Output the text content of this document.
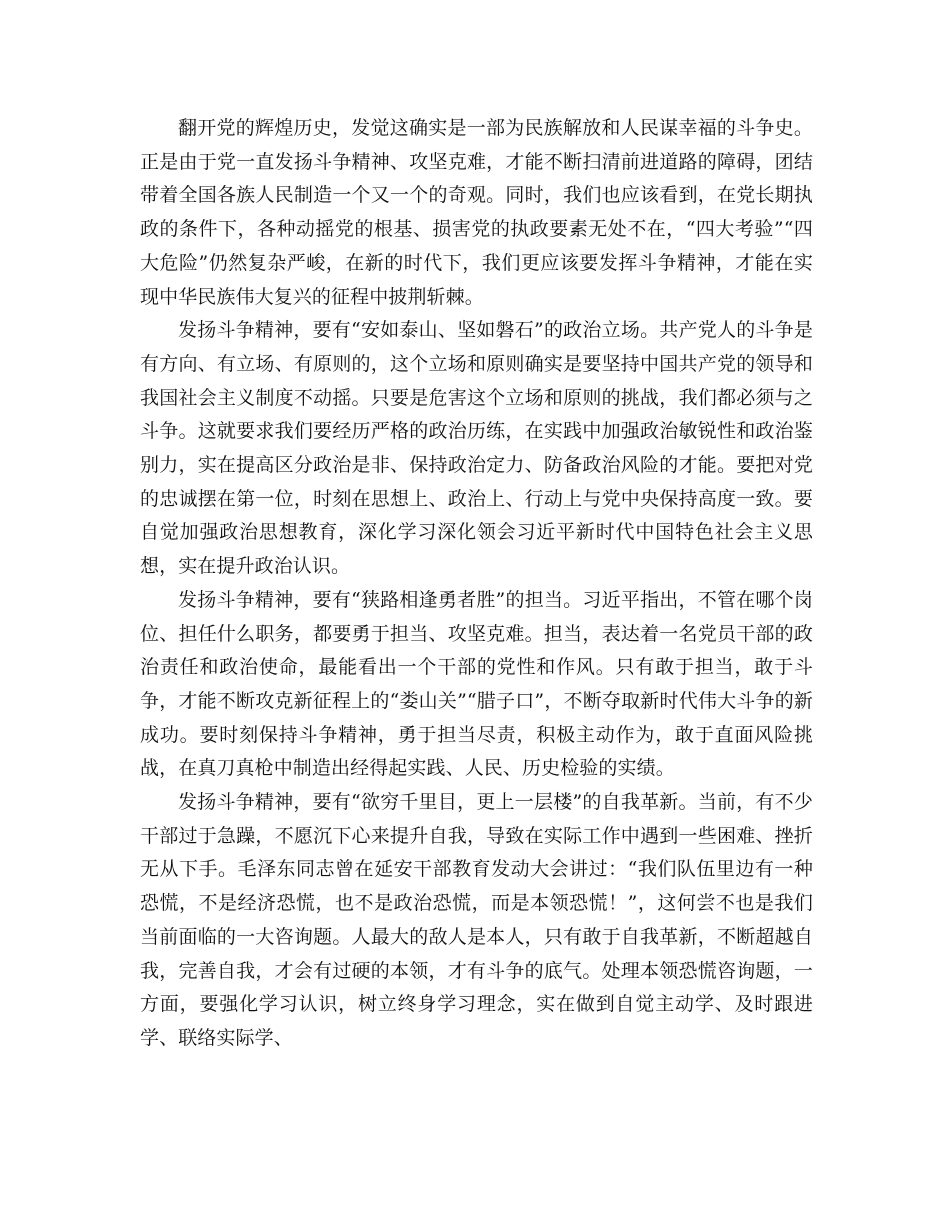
翻开党的辉煌历史，发觉这确实是一部为民族解放和人民谋幸福的斗争史。正是由于党一直发扬斗争精神、攻坚克难，才能不断扫清前进道路的障碍，团结带着全国各族人民制造一个又一个的奇观。同时，我们也应该看到，在党长期执政的条件下，各种动摇党的根基、损害党的执政要素无处不在，“四大考验”“四大危险”仍然复杂严峻，在新的时代下，我们更应该要发挥斗争精神，才能在实现中华民族伟大复兴的征程中披荆斩棘。

发扬斗争精神，要有“安如泰山、坚如磐石”的政治立场。共产党人的斗争是有方向、有立场、有原则的，这个立场和原则确实是要坚持中国共产党的领导和我国社会主义制度不动摇。只要是危害这个立场和原则的挑战，我们都必须与之斗争。这就要求我们要经历严格的政治历练，在实践中加强政治敏锐性和政治鉴别力，实在提高区分政治是非、保持政治定力、防备政治风险的才能。要把对党的忠诚摆在第一位，时刻在思想上、政治上、行动上与党中央保持高度一致。要自觉加强政治思想教育，深化学习深化领会习近平新时代中国特色社会主义思想，实在提升政治认识。

发扬斗争精神，要有“狭路相逢勇者胜”的担当。习近平指出，不管在哪个岗位、担任什么职务，都要勇于担当、攻坚克难。担当，表达着一名党员干部的政治责任和政治使命，最能看出一个干部的党性和作风。只有敢于担当，敢于斗争，才能不断攻克新征程上的“娄山关”“腊子口”，不断夺取新时代伟大斗争的新成功。要时刻保持斗争精神，勇于担当尽责，积极主动作为，敢于直面风险挑战，在真刀真枪中制造出经得起实践、人民、历史检验的实绩。

发扬斗争精神，要有“欲穷千里目，更上一层楼”的自我革新。当前，有不少干部过于急躁，不愿沉下心来提升自我，导致在实际工作中遇到一些困难、挫折无从下手。毛泽东同志曾在延安干部教育发动大会讲过：“我们队伍里边有一种恐慌，不是经济恐慌，也不是政治恐慌，而是本领恐慌！”，这何尝不也是我们当前面临的一大咨询题。人最大的敌人是本人，只有敢于自我革新，不断超越自我，完善自我，才会有过硬的本领，才有斗争的底气。处理本领恐慌咨询题，一方面，要强化学习认识，树立终身学习理念，实在做到自觉主动学、及时跟进学、联络实际学、
